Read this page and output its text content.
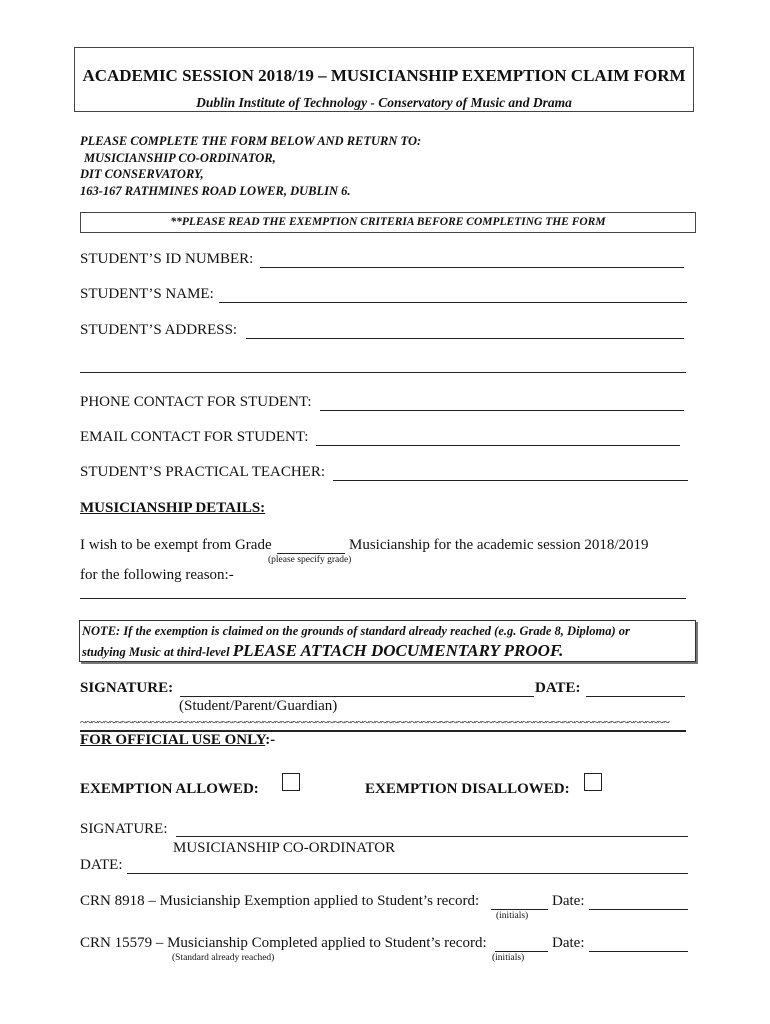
ACADEMIC SESSION 2018/19 – MUSICIANSHIP EXEMPTION CLAIM FORM
Dublin Institute of Technology - Conservatory of Music and Drama
PLEASE COMPLETE THE FORM BELOW AND RETURN TO:
MUSICIANSHIP CO-ORDINATOR,
DIT CONSERVATORY,
163-167 RATHMINES ROAD LOWER, DUBLIN 6.
**PLEASE READ THE EXEMPTION CRITERIA BEFORE COMPLETING THE FORM
STUDENT’S ID NUMBER:
STUDENT’S NAME:
STUDENT’S ADDRESS:
PHONE CONTACT FOR STUDENT:
EMAIL CONTACT FOR STUDENT:
STUDENT’S PRACTICAL TEACHER:
MUSICIANSHIP DETAILS:
I wish to be exempt from Grade	Musicianship for the academic session 2018/2019
(please specify grade)
for the following reason:-
NOTE: If the exemption is claimed on the grounds of standard already reached (e.g. Grade 8, Diploma) or
studying Music at third-level PLEASE ATTACH DOCUMENTARY PROOF.
SIGNATURE:	DATE:
(Student/Parent/Guardian)
~~~~~~~~~~~~~~~~~~~~~~~~~~~~~~~~~~~~~~~~~~~~~~~~~~~~~~~~~~~~~~~~~~~~~~~~~~~~~~~~~~~~~~~~~~~~~~~~~~~~
FOR OFFICIAL USE ONLY:-
EXEMPTION ALLOWED:	EXEMPTION DISALLOWED:
SIGNATURE:
MUSICIANSHIP CO-ORDINATOR
DATE:
CRN 8918 – Musicianship Exemption applied to Student’s record:	Date:
(initials)
CRN 15579 – Musicianship Completed applied to Student’s record:	Date:
(Standard already reached)	(initials)
